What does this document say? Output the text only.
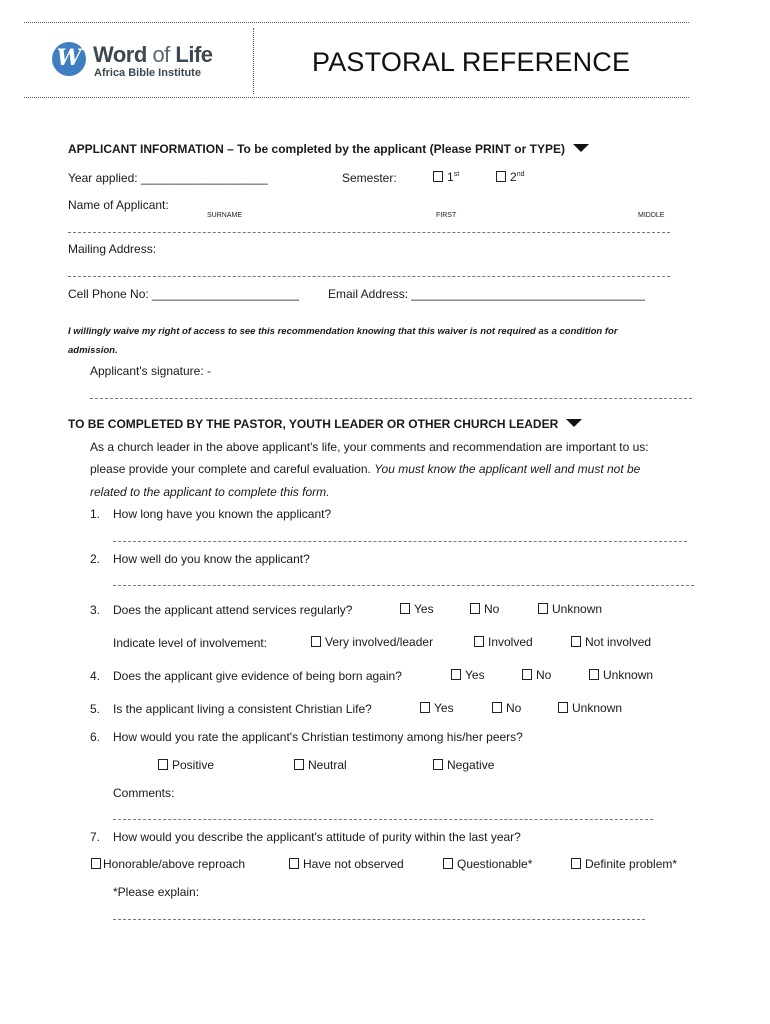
W Word of Life
Africa Bible Institute	PASTORAL REFERENCE
APPLICANT INFORMATION – To be completed by the applicant (Please PRINT or TYPE)
Year applied: ___________________	Semester:	1st	2nd
Name of Applicant:
SURNAME	FIRST	MIDDLE
Mailing Address:
Cell Phone No: ______________________ Email Address: ___________________________________
I willingly waive my right of access to see this recommendation knowing that this waiver is not required as a condition for
admission.
Applicant's signature: -
TO BE COMPLETED BY THE PASTOR, YOUTH LEADER OR OTHER CHURCH LEADER
As a church leader in the above applicant's life, your comments and recommendation are important to us:
please provide your complete and careful evaluation. You must know the applicant well and must not be
related to the applicant to complete this form.
1. How long have you known the applicant?
2. How well do you know the applicant?
3. Does the applicant attend services regularly?	Yes	No	Unknown
Indicate level of involvement:	Very involved/leader	Involved	Not involved
4. Does the applicant give evidence of being born again?	Yes	No	Unknown
5. Is the applicant living a consistent Christian Life?	Yes	No	Unknown
6. How would you rate the applicant's Christian testimony among his/her peers?
Positive	Neutral	Negative
Comments:
7. How would you describe the applicant's attitude of purity within the last year?
Honorable/above reproach	Have not observed	Questionable*	Definite problem*
*Please explain:
